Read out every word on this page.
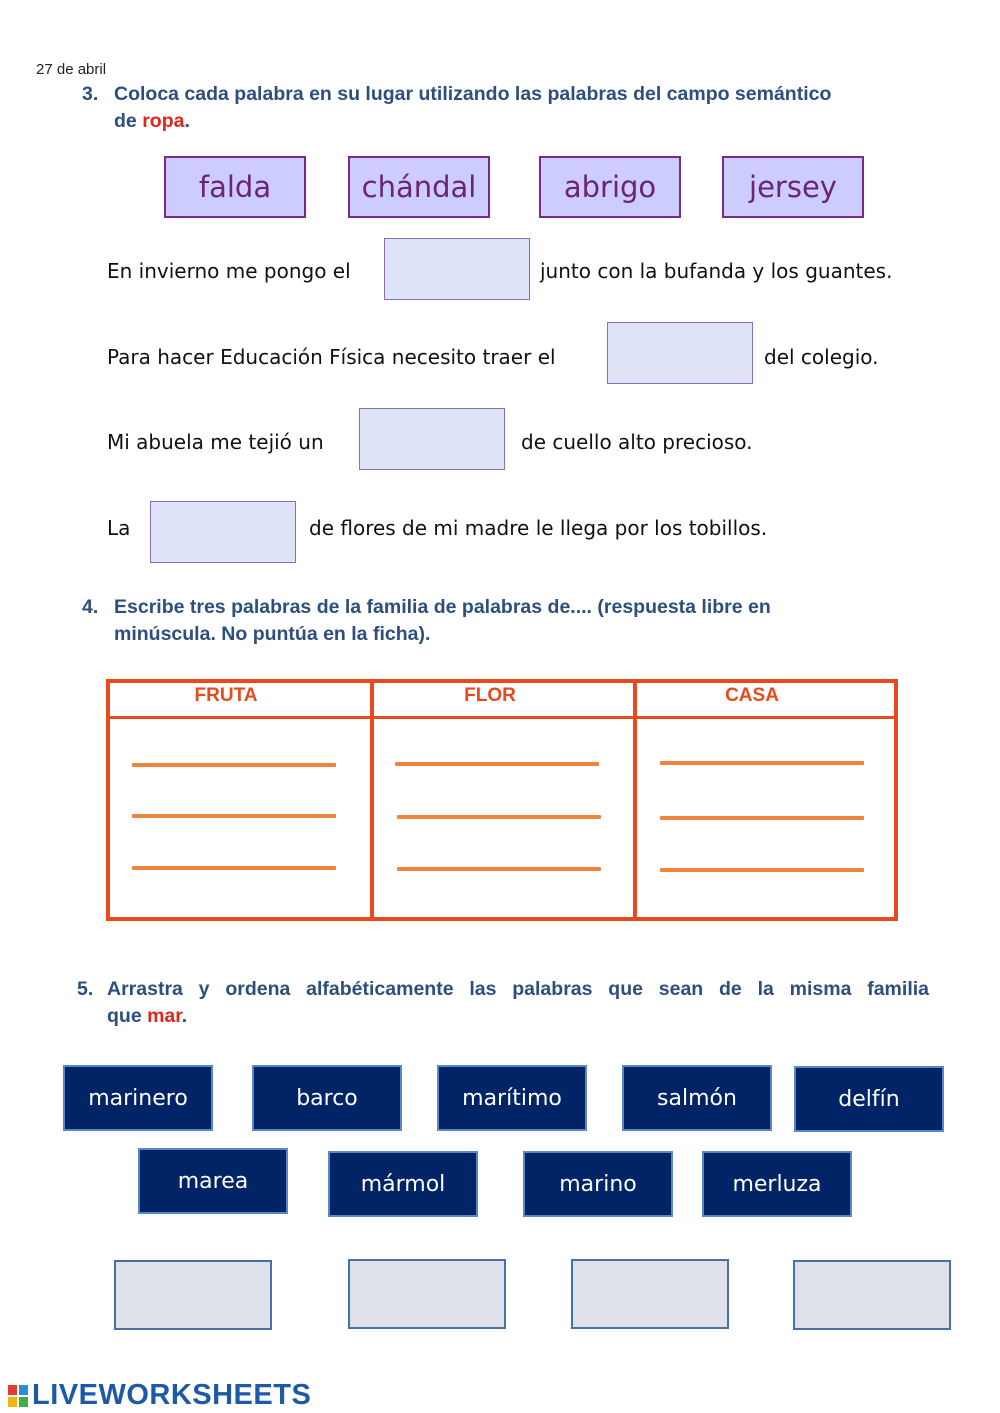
27 de abril
3. Coloca cada palabra en su lugar utilizando las palabras del campo semántico
de ropa.
falda	chándal	abrigo	jersey
En invierno me pongo el	junto con la bufanda y los guantes.
Para hacer Educación Física necesito traer el	del colegio.
Mi abuela me tejió un	de cuello alto precioso.
La	de flores de mi madre le llega por los tobillos.
4. Escribe tres palabras de la familia de palabras de.... (respuesta libre en
minúscula. No puntúa en la ficha).
FRUTA	FLOR	CASA
5. Arrastra y ordena alfabéticamente las palabras que sean de la misma familia
que mar.
marinero	barco	marítimo	salmón	delfín
marea	mármol	marino	merluza
LIVEWORKSHEETS
